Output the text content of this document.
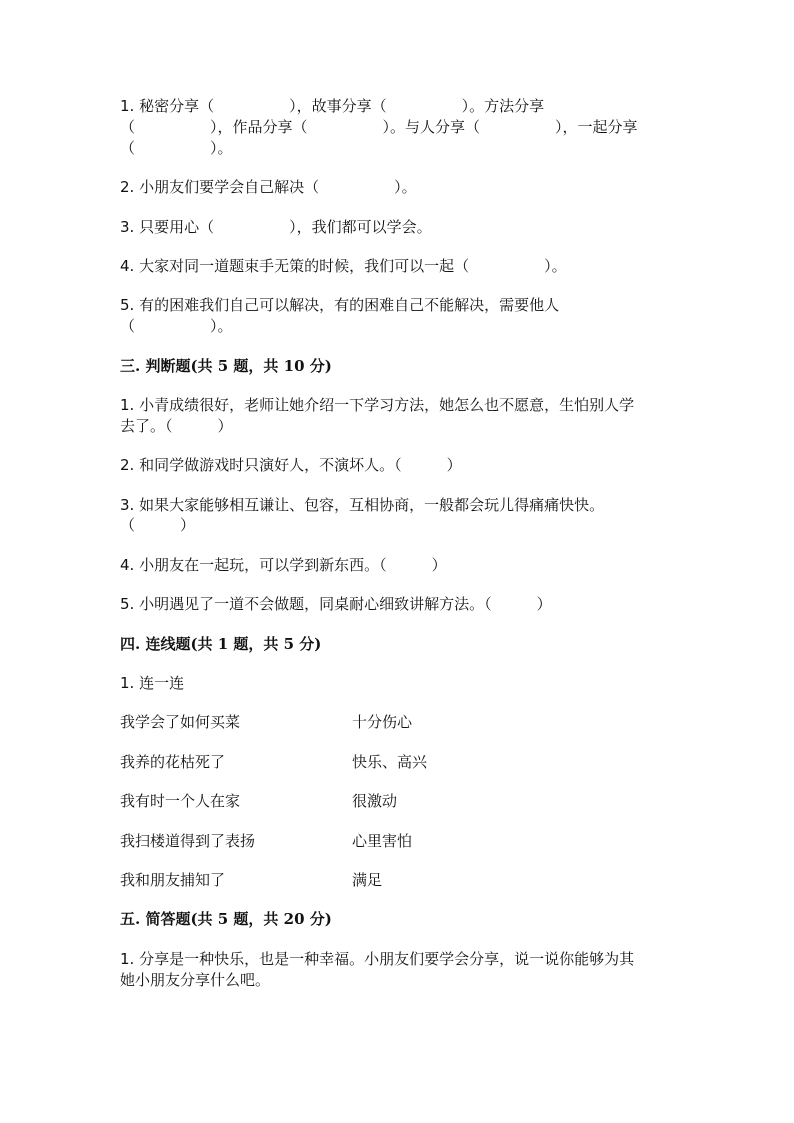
1. 秘密分享（　　　　　），故事分享（　　　　　）。方法分享
（　　　　　），作品分享（　　　　　）。与人分享（　　　　　），一起分享
（　　　　　）。
2. 小朋友们要学会自己解决（　　　　　）。
3. 只要用心（　　　　　），我们都可以学会。
4. 大家对同一道题束手无策的时候，我们可以一起（　　　　　）。
5. 有的困难我们自己可以解决，有的困难自己不能解决，需要他人
（　　　　　）。
三. 判断题(共 5 题，共 10 分)
1. 小青成绩很好，老师让她介绍一下学习方法，她怎么也不愿意，生怕别人学
去了。（　　　）
2. 和同学做游戏时只演好人，不演坏人。（　　　）
3. 如果大家能够相互谦让、包容，互相协商，一般都会玩儿得痛痛快快。
（　　　）
4. 小朋友在一起玩，可以学到新东西。（　　　）
5. 小明遇见了一道不会做题，同桌耐心细致讲解方法。（　　　）
四. 连线题(共 1 题，共 5 分)
1. 连一连
我学会了如何买菜	十分伤心
我养的花枯死了	快乐、高兴
我有时一个人在家	很激动
我扫楼道得到了表扬	心里害怕
我和朋友捕知了	满足
五. 简答题(共 5 题，共 20 分)
1. 分享是一种快乐，也是一种幸福。小朋友们要学会分享，说一说你能够为其
她小朋友分享什么吧。
